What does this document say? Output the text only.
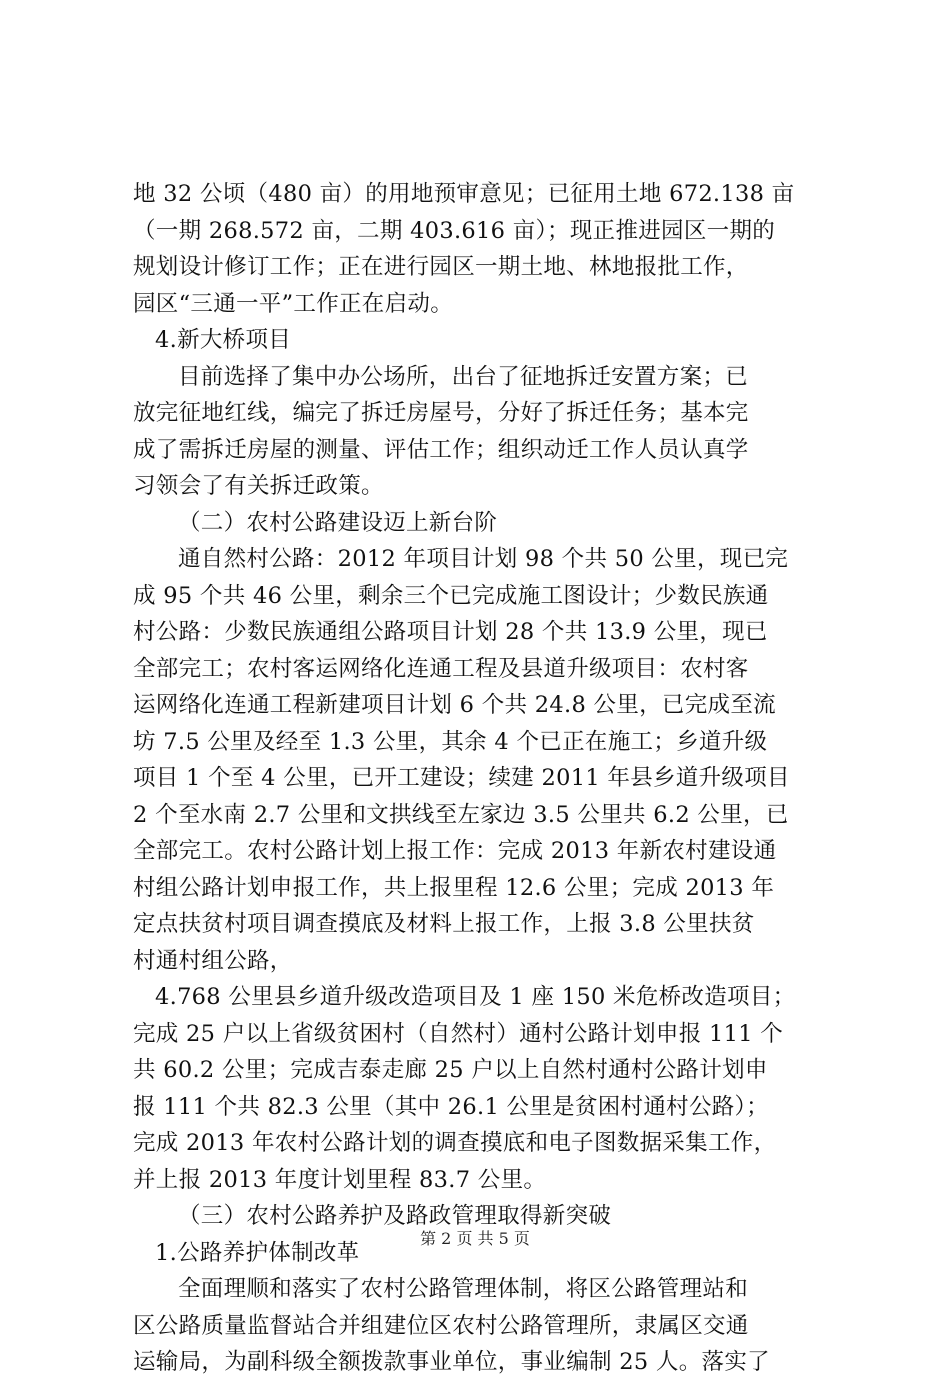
地 32 公顷（480 亩）的用地预审意见；已征用土地 672.138 亩
（一期 268.572 亩，二期 403.616 亩）；现正推进园区一期的
规划设计修订工作；正在进行园区一期土地、林地报批工作，
园区“三通一平”工作正在启动。
4.新大桥项目
目前选择了集中办公场所，出台了征地拆迁安置方案；已
放完征地红线，编完了拆迁房屋号，分好了拆迁任务；基本完
成了需拆迁房屋的测量、评估工作；组织动迁工作人员认真学
习领会了有关拆迁政策。
（二）农村公路建设迈上新台阶
通自然村公路：2012 年项目计划 98 个共 50 公里，现已完
成 95 个共 46 公里，剩余三个已完成施工图设计；少数民族通
村公路：少数民族通组公路项目计划 28 个共 13.9 公里，现已
全部完工；农村客运网络化连通工程及县道升级项目：农村客
运网络化连通工程新建项目计划 6 个共 24.8 公里，已完成至流
坊 7.5 公里及经至 1.3 公里，其余 4 个已正在施工；乡道升级
项目 1 个至 4 公里，已开工建设；续建 2011 年县乡道升级项目
2 个至水南 2.7 公里和文拱线至左家边 3.5 公里共 6.2 公里，已
全部完工。农村公路计划上报工作：完成 2013 年新农村建设通
村组公路计划申报工作，共上报里程 12.6 公里；完成 2013 年
定点扶贫村项目调查摸底及材料上报工作，上报 3.8 公里扶贫
村通村组公路，
4.768 公里县乡道升级改造项目及 1 座 150 米危桥改造项目；
完成 25 户以上省级贫困村（自然村）通村公路计划申报 111 个
共 60.2 公里；完成吉泰走廊 25 户以上自然村通村公路计划申
报 111 个共 82.3 公里（其中 26.1 公里是贫困村通村公路）；
完成 2013 年农村公路计划的调查摸底和电子图数据采集工作，
并上报 2013 年度计划里程 83.7 公里。
（三）农村公路养护及路政管理取得新突破
1.公路养护体制改革
全面理顺和落实了农村公路管理体制，将区公路管理站和
区公路质量监督站合并组建位区农村公路管理所，隶属区交通
运输局，为副科级全额拨款事业单位，事业编制 25 人。落实了
第 2 页 共 5 页
